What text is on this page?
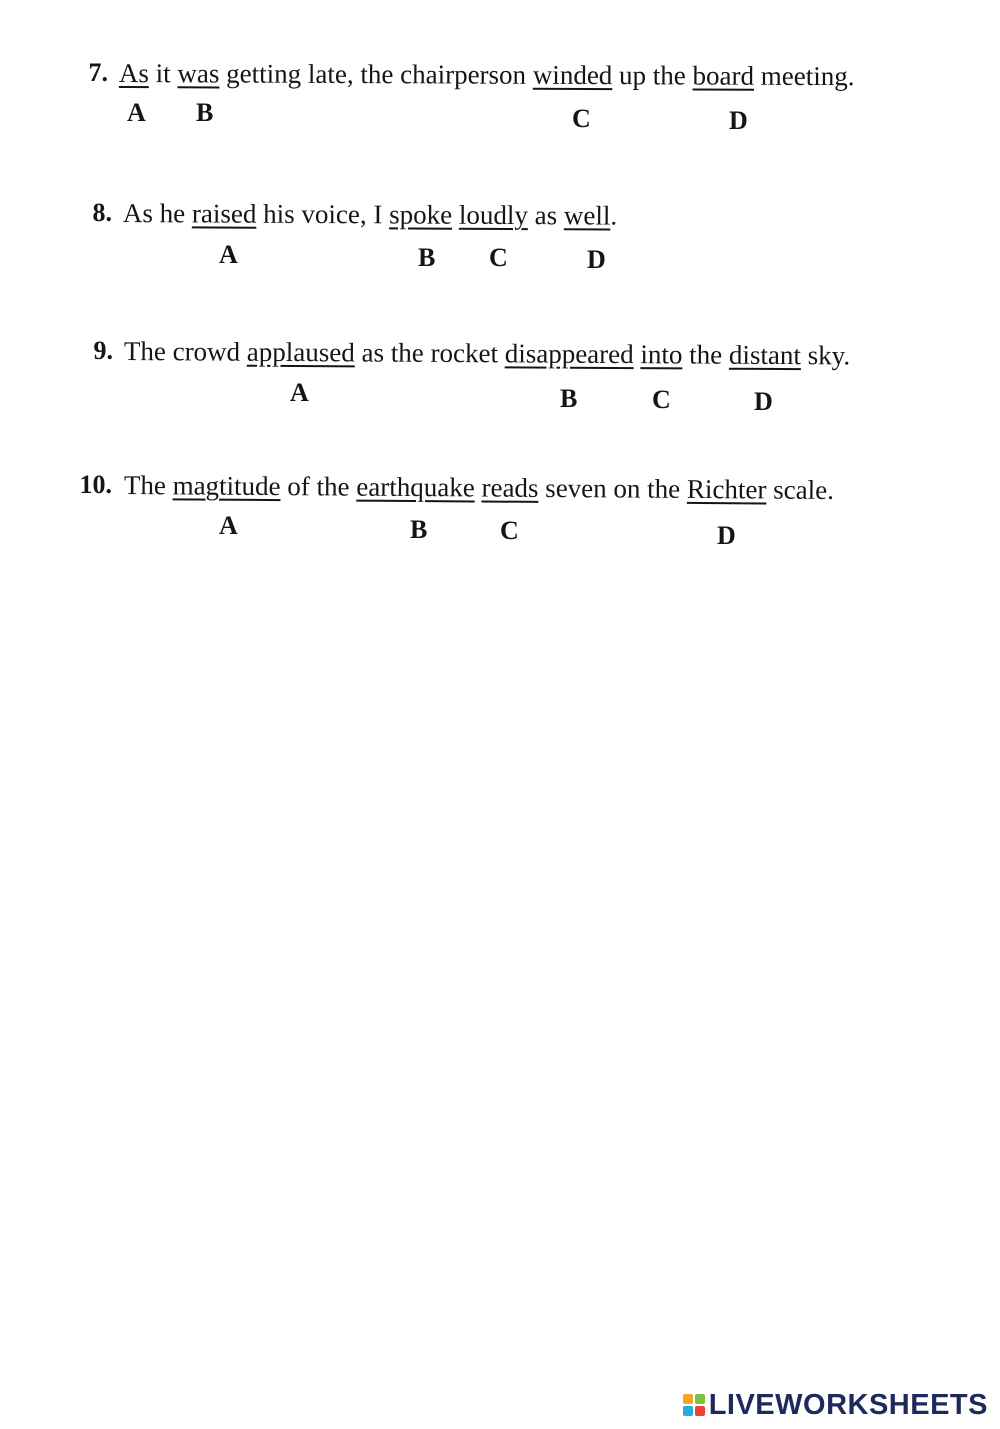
7. As it was getting late, the chairperson winded up the board meeting.
A B	C	D
8. As he raised his voice, I spoke loudly as well.
A	B C	D
9. The crowd applaused as the rocket disappeared into the distant sky.
A	B	C	D
10. The magtitude of the earthquake reads seven on the Richter scale.
A	B	C	D
LIVEWORKSHEETS
